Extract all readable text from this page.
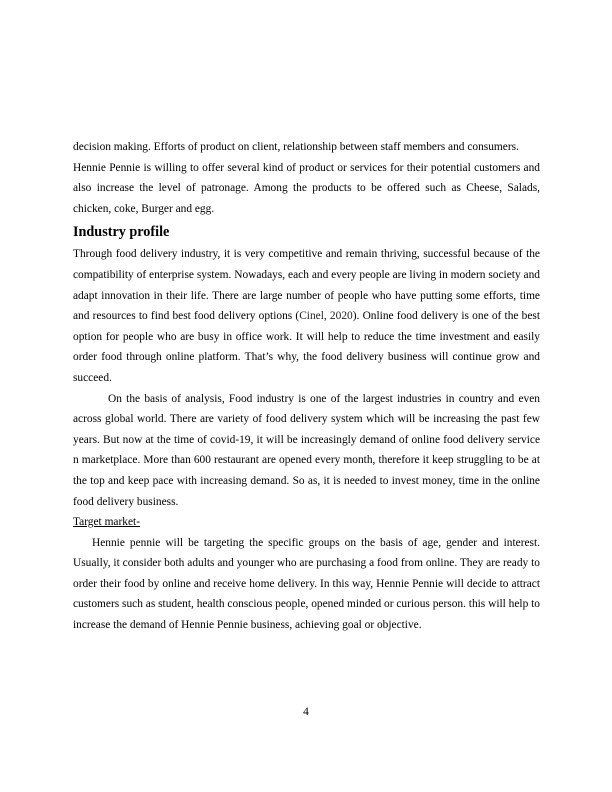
decision making. Efforts of product on client, relationship between staff members and consumers.

Hennie Pennie is willing to offer several kind of product or services for their potential customers and also increase the level of patronage. Among the products to be offered such as Cheese, Salads, chicken, coke, Burger and egg.

Industry profile

Through food delivery industry, it is very competitive and remain thriving, successful because of the compatibility of enterprise system. Nowadays, each and every people are living in modern society and adapt innovation in their life. There are large number of people who have putting some efforts, time and resources to find best food delivery options (Cinel, 2020). Online food delivery is one of the best option for people who are busy in office work. It will help to reduce the time investment and easily order food through online platform. That’s why, the food delivery business will continue grow and succeed.

On the basis of analysis, Food industry is one of the largest industries in country and even across global world. There are variety of food delivery system which will be increasing the past few years. But now at the time of covid-19, it will be increasingly demand of online food delivery service n marketplace. More than 600 restaurant are opened every month, therefore it keep struggling to be at the top and keep pace with increasing demand. So as, it is needed to invest money, time in the online food delivery business.

Target market-

Hennie pennie will be targeting the specific groups on the basis of age, gender and interest. Usually, it consider both adults and younger who are purchasing a food from online. They are ready to order their food by online and receive home delivery. In this way, Hennie Pennie will decide to attract customers such as student, health conscious people, opened minded or curious person. this will help to increase the demand of Hennie Pennie business, achieving goal or objective.

4
